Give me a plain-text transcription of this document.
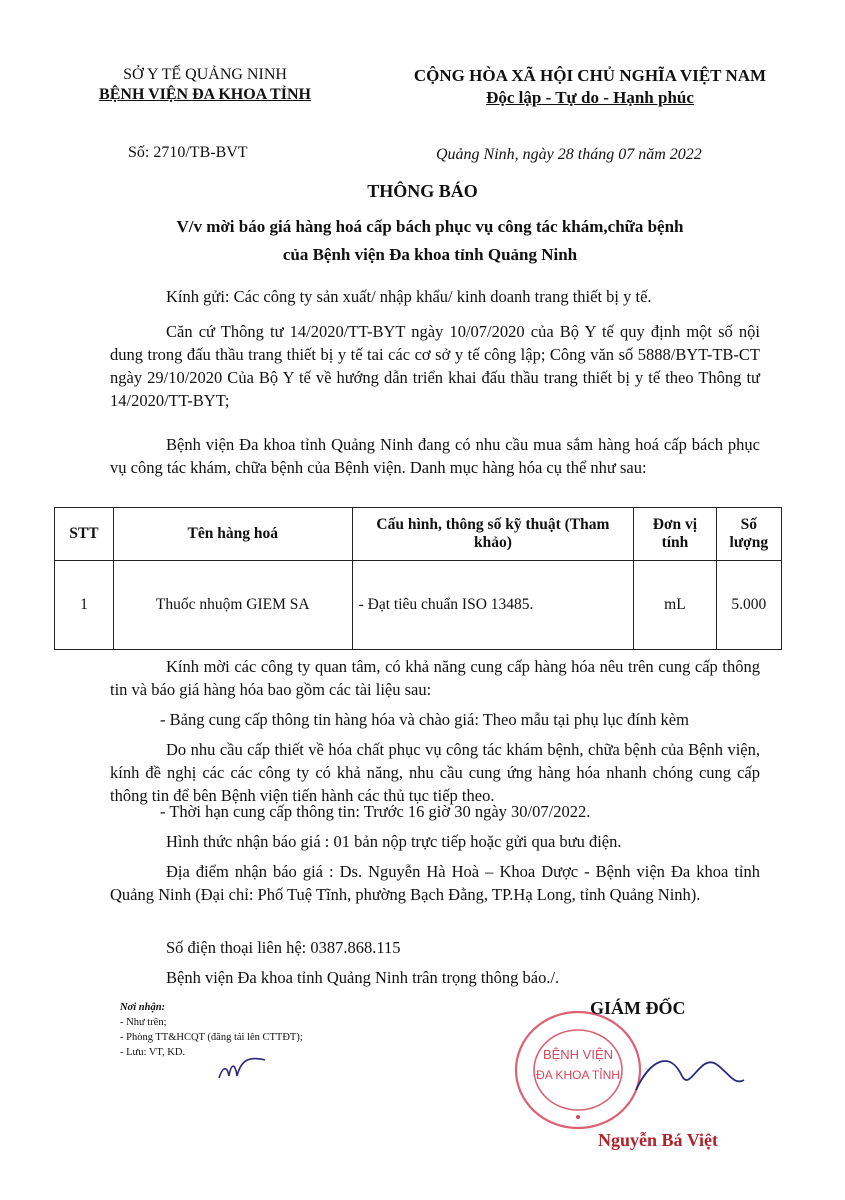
SỞ Y TẾ QUẢNG NINH
BỆNH VIỆN ĐA KHOA TỈNH
CỘNG HÒA XÃ HỘI CHỦ NGHĨA VIỆT NAM
Độc lập - Tự do - Hạnh phúc
Số: 2710/TB-BVT	Quảng Ninh, ngày 28 tháng 07 năm 2022
THÔNG BÁO
V/v mời báo giá hàng hoá cấp bách phục vụ công tác khám,chữa bệnh
của Bệnh viện Đa khoa tỉnh Quảng Ninh
Kính gửi: Các công ty sản xuất/ nhập khẩu/ kinh doanh trang thiết bị y tế.
Căn cứ Thông tư 14/2020/TT-BYT ngày 10/07/2020 của Bộ Y tế quy định một số nội dung trong đấu thầu trang thiết bị y tế tai các cơ sở y tế công lập; Công văn số 5888/BYT-TB-CT ngày 29/10/2020 Của Bộ Y tế về hướng dẫn triển khai đấu thầu trang thiết bị y tế theo Thông tư 14/2020/TT-BYT;
Bệnh viện Đa khoa tỉnh Quảng Ninh đang có nhu cầu mua sắm hàng hoá cấp bách phục vụ công tác khám, chữa bệnh của Bệnh viện. Danh mục hàng hóa cụ thể như sau:
STT	Tên hàng hoá	Cấu hình, thông số kỹ thuật (Tham khảo)	Đơn vị tính	Số lượng
1	Thuốc nhuộm GIEM SA	- Đạt tiêu chuẩn ISO 13485.	mL	5.000
Kính mời các công ty quan tâm, có khả năng cung cấp hàng hóa nêu trên cung cấp thông tin và báo giá hàng hóa bao gồm các tài liệu sau:
- Bảng cung cấp thông tin hàng hóa và chào giá: Theo mẫu tại phụ lục đính kèm
Do nhu cầu cấp thiết về hóa chất phục vụ công tác khám bệnh, chữa bệnh của Bệnh viện, kính đề nghị các các công ty có khả năng, nhu cầu cung ứng hàng hóa nhanh chóng cung cấp thông tin để bên Bệnh viện tiến hành các thủ tục tiếp theo.
- Thời hạn cung cấp thông tin: Trước 16 giờ 30 ngày 30/07/2022.
Hình thức nhận báo giá : 01 bản nộp trực tiếp hoặc gửi qua bưu điện.
Địa điểm nhận báo giá : Ds. Nguyễn Hà Hoà – Khoa Dược - Bệnh viện Đa khoa tỉnh Quảng Ninh (Đại chỉ: Phố Tuệ Tĩnh, phường Bạch Đằng, TP.Hạ Long, tỉnh Quảng Ninh).
Số điện thoại liên hệ: 0387.868.115
Bệnh viện Đa khoa tỉnh Quảng Ninh trân trọng thông báo./.
Nơi nhận:
- Như trên;
- Phòng TT&HCQT (đăng tải lên CTTĐT);
- Lưu: VT, KD.	BỆNH VIỆN
ĐA KHOA TỈNH
GIÁM ĐỐC
Nguyễn Bá Việt
